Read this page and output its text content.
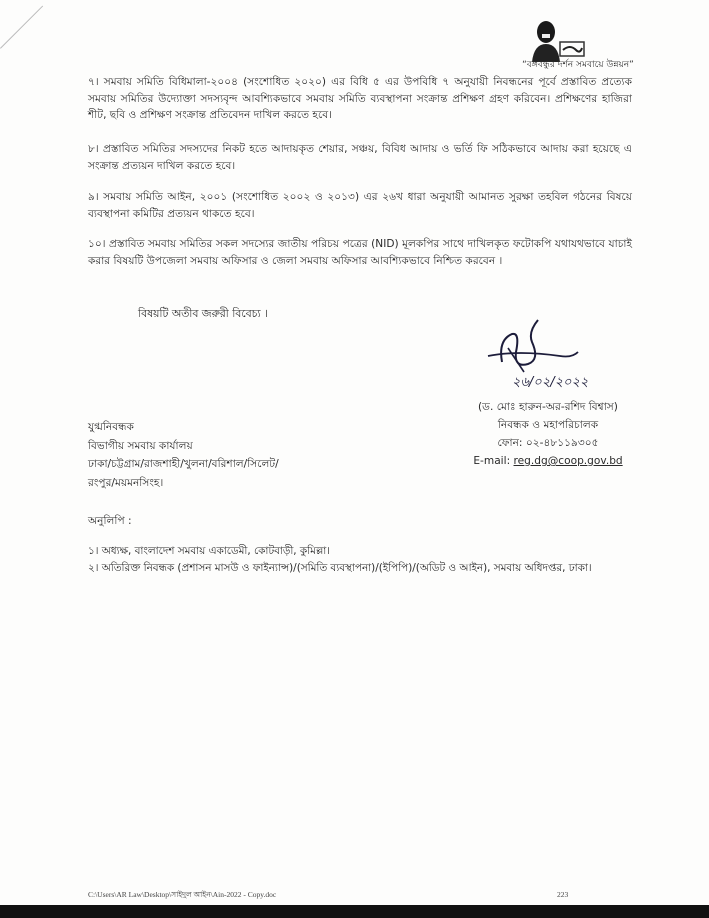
“বঙ্গবন্ধুর দর্শন সমবায়ে উন্নয়ন”
৭। সমবায় সমিতি বিধিমালা-২০০৪ (সংশোধিত ২০২০) এর বিধি ৫ এর উপবিধি ৭ অনুযায়ী নিবন্ধনের পূর্বে প্রস্তাবিত প্রত্যেক সমবায় সমিতির উদ্যোক্তা সদস্যবৃন্দ আবশ্যিকভাবে সমবায় সমিতি ব্যবস্থাপনা সংক্রান্ত প্রশিক্ষণ গ্রহণ করিবেন। প্রশিক্ষণের হাজিরা শীট, ছবি ও প্রশিক্ষণ সংক্রান্ত প্রতিবেদন দাখিল করতে হবে।
৮। প্রস্তাবিত সমিতির সদস্যদের নিকট হতে আদায়কৃত শেয়ার, সঞ্চয়, বিবিধ আদায় ও ভর্তি ফি সঠিকভাবে আদায় করা হয়েছে এ সংক্রান্ত প্রত্যয়ন দাখিল করতে হবে।
৯। সমবায় সমিতি আইন, ২০০১ (সংশোধিত ২০০২ ও ২০১৩) এর ২৬খ ধারা অনুযায়ী আমানত সুরক্ষা তহবিল গঠনের বিষয়ে ব্যবস্থাপনা কমিটির প্রত্যয়ন থাকতে হবে।
১০। প্রস্তাবিত সমবায় সমিতির সকল সদস্যের জাতীয় পরিচয় পত্রের (NID) মূলকপির সাথে দাখিলকৃত ফটোকপি যথাযথভাবে যাচাই করার বিষয়টি উপজেলা সমবায় অফিসার ও জেলা সমবায় অফিসার আবশ্যিকভাবে নিশ্চিত করবেন ।
বিষয়টি অতীব জরুরী বিবেচ্য ।
২৬/০২/২০২২
(ড. মোঃ হারুন-অর-রশিদ বিশ্বাস)
নিবন্ধক ও মহাপরিচালক
ফোন: ০২-৪৮১১৯৩০৫
E-mail: reg.dg@coop.gov.bd
যুগ্মনিবন্ধক
বিভাগীয় সমবায় কার্যালয়
ঢাকা/চট্টগ্রাম/রাজশাহী/খুলনা/বরিশাল/সিলেট/
রংপুর/ময়মনসিংহ।
অনুলিপি :
১। অধ্যক্ষ, বাংলাদেশ সমবায় একাডেমী, কোটবাড়ী, কুমিল্লা।
২। অতিরিক্ত নিবন্ধক (প্রশাসন মাসউ ও ফাইন্যান্স)/(সমিতি ব্যবস্থাপনা)/(ইপিপি)/(অডিট ও আইন), সমবায় অধিদপ্তর, ঢাকা।
C:\Users\AR Law\Desktop\সাইদুল আইন\Ain-2022 - Copy.doc	223
